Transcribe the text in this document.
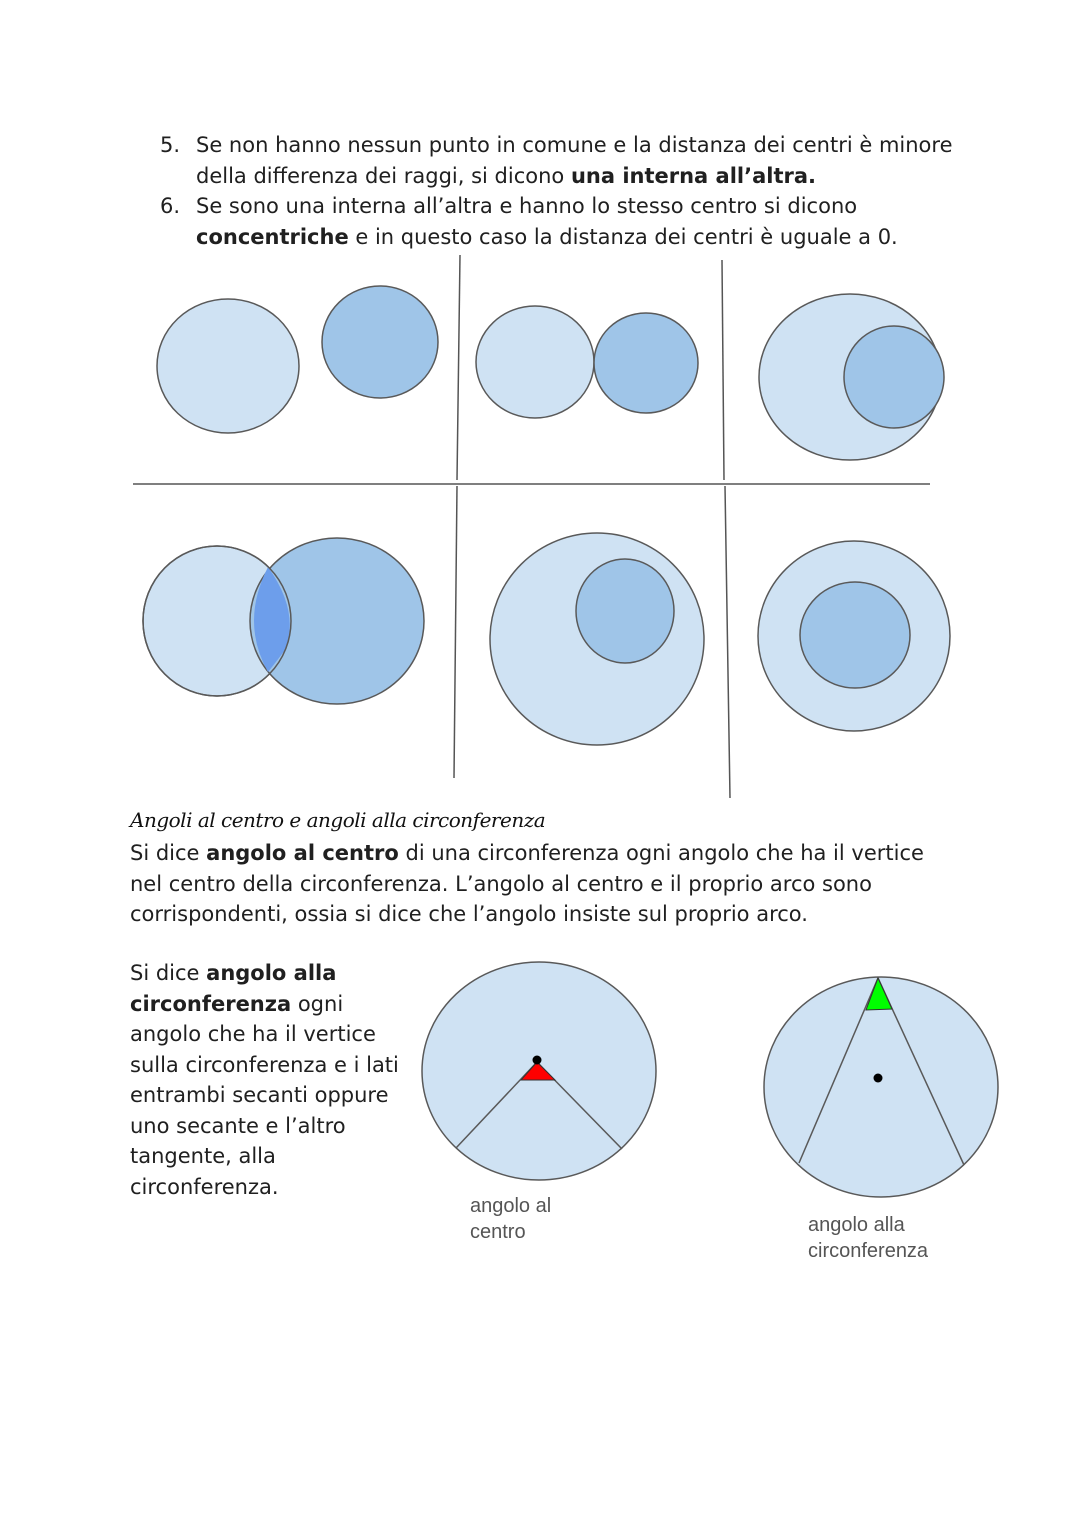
5. Se non hanno nessun punto in comune e la distanza dei centri è minore della differenza dei raggi, si dicono una interna all’altra.
6. Se sono una interna all’altra e hanno lo stesso centro si dicono concentriche e in questo caso la distanza dei centri è uguale a 0.
Angoli al centro e angoli alla circonferenza
Si dice angolo al centro di una circonferenza ogni angolo che ha il vertice nel centro della circonferenza. L’angolo al centro e il proprio arco sono corrispondenti, ossia si dice che l’angolo insiste sul proprio arco.
Si dice angolo alla circonferenza ogni angolo che ha il vertice sulla circonferenza e i lati entrambi secanti oppure uno secante e l’altro tangente, alla circonferenza.
angolo al
centro	angolo alla
circonferenza
